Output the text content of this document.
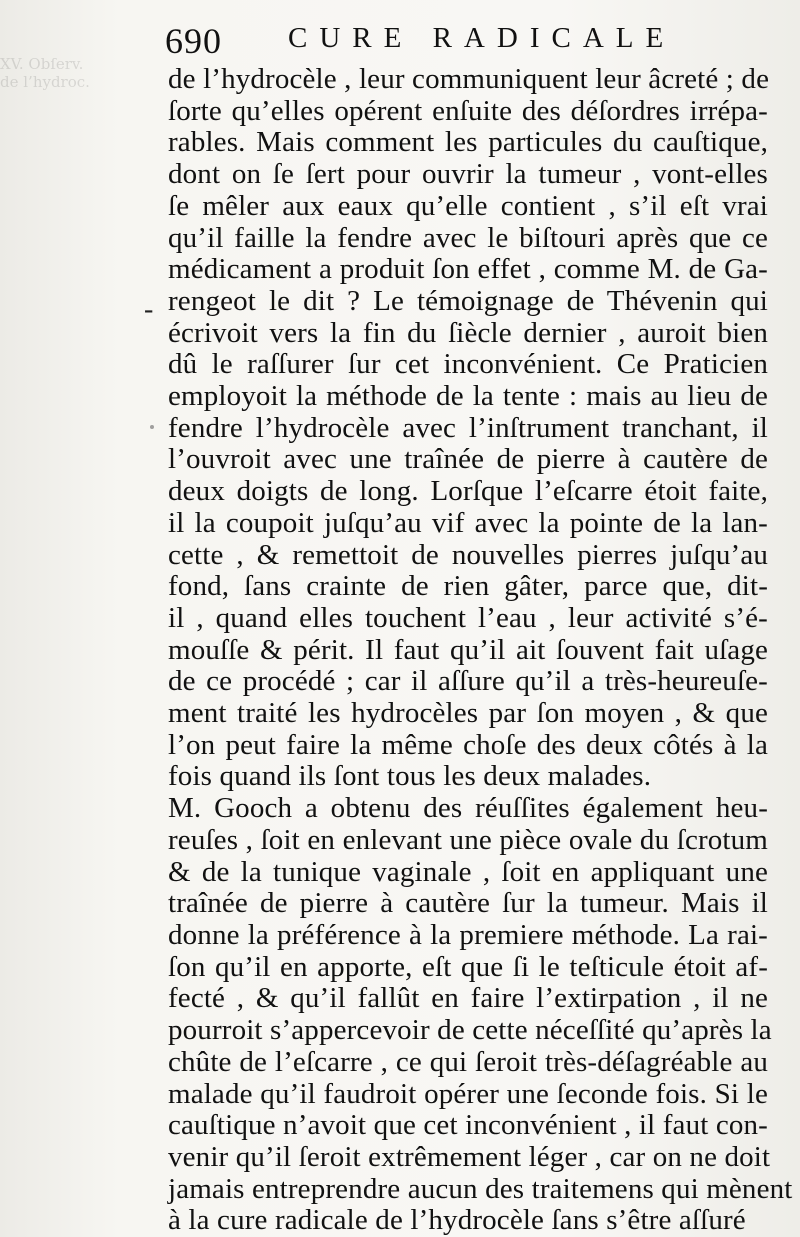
XV. Obſerv.
de l’hydroc.
690 CURE RADICALE
-
de l’hydrocèle , leur communiquent leur âcreté ; de
ſorte qu’elles opérent enſuite des déſordres irrépa-
rables. Mais comment les particules du cauſtique,
dont on ſe ſert pour ouvrir la tumeur , vont-elles
ſe mêler aux eaux qu’elle contient , s’il eſt vrai
qu’il faille la fendre avec le biſtouri après que ce
médicament a produit ſon effet , comme M. de Ga-
rengeot le dit ? Le témoignage de Thévenin qui
écrivoit vers la fin du ſiècle dernier , auroit bien
dû le raſſurer ſur cet inconvénient. Ce Praticien
employoit la méthode de la tente : mais au lieu de
fendre l’hydrocèle avec l’inſtrument tranchant, il
l’ouvroit avec une traînée de pierre à cautère de
deux doigts de long. Lorſque l’eſcarre étoit faite,
il la coupoit juſqu’au vif avec la pointe de la lan-
cette , & remettoit de nouvelles pierres juſqu’au
fond, ſans crainte de rien gâter, parce que, dit-
il , quand elles touchent l’eau , leur activité s’é-
mouſſe & périt. Il faut qu’il ait ſouvent fait uſage
de ce procédé ; car il aſſure qu’il a très-heureuſe-
ment traité les hydrocèles par ſon moyen , & que
l’on peut faire la même choſe des deux côtés à la
fois quand ils ſont tous les deux malades.
M. Gooch a obtenu des réuſſites également heu-
reuſes , ſoit en enlevant une pièce ovale du ſcrotum
& de la tunique vaginale , ſoit en appliquant une
traînée de pierre à cautère ſur la tumeur. Mais il
donne la préférence à la premiere méthode. La rai-
ſon qu’il en apporte, eſt que ſi le teſticule étoit af-
fecté , & qu’il fallût en faire l’extirpation , il ne
pourroit s’appercevoir de cette néceſſité qu’après la
chûte de l’eſcarre , ce qui ſeroit très-déſagréable au
malade qu’il faudroit opérer une ſeconde fois. Si le
cauſtique n’avoit que cet inconvénient , il faut con-
venir qu’il ſeroit extrêmement léger , car on ne doit
jamais entreprendre aucun des traitemens qui mènent
à la cure radicale de l’hydrocèle ſans s’être aſſuré
